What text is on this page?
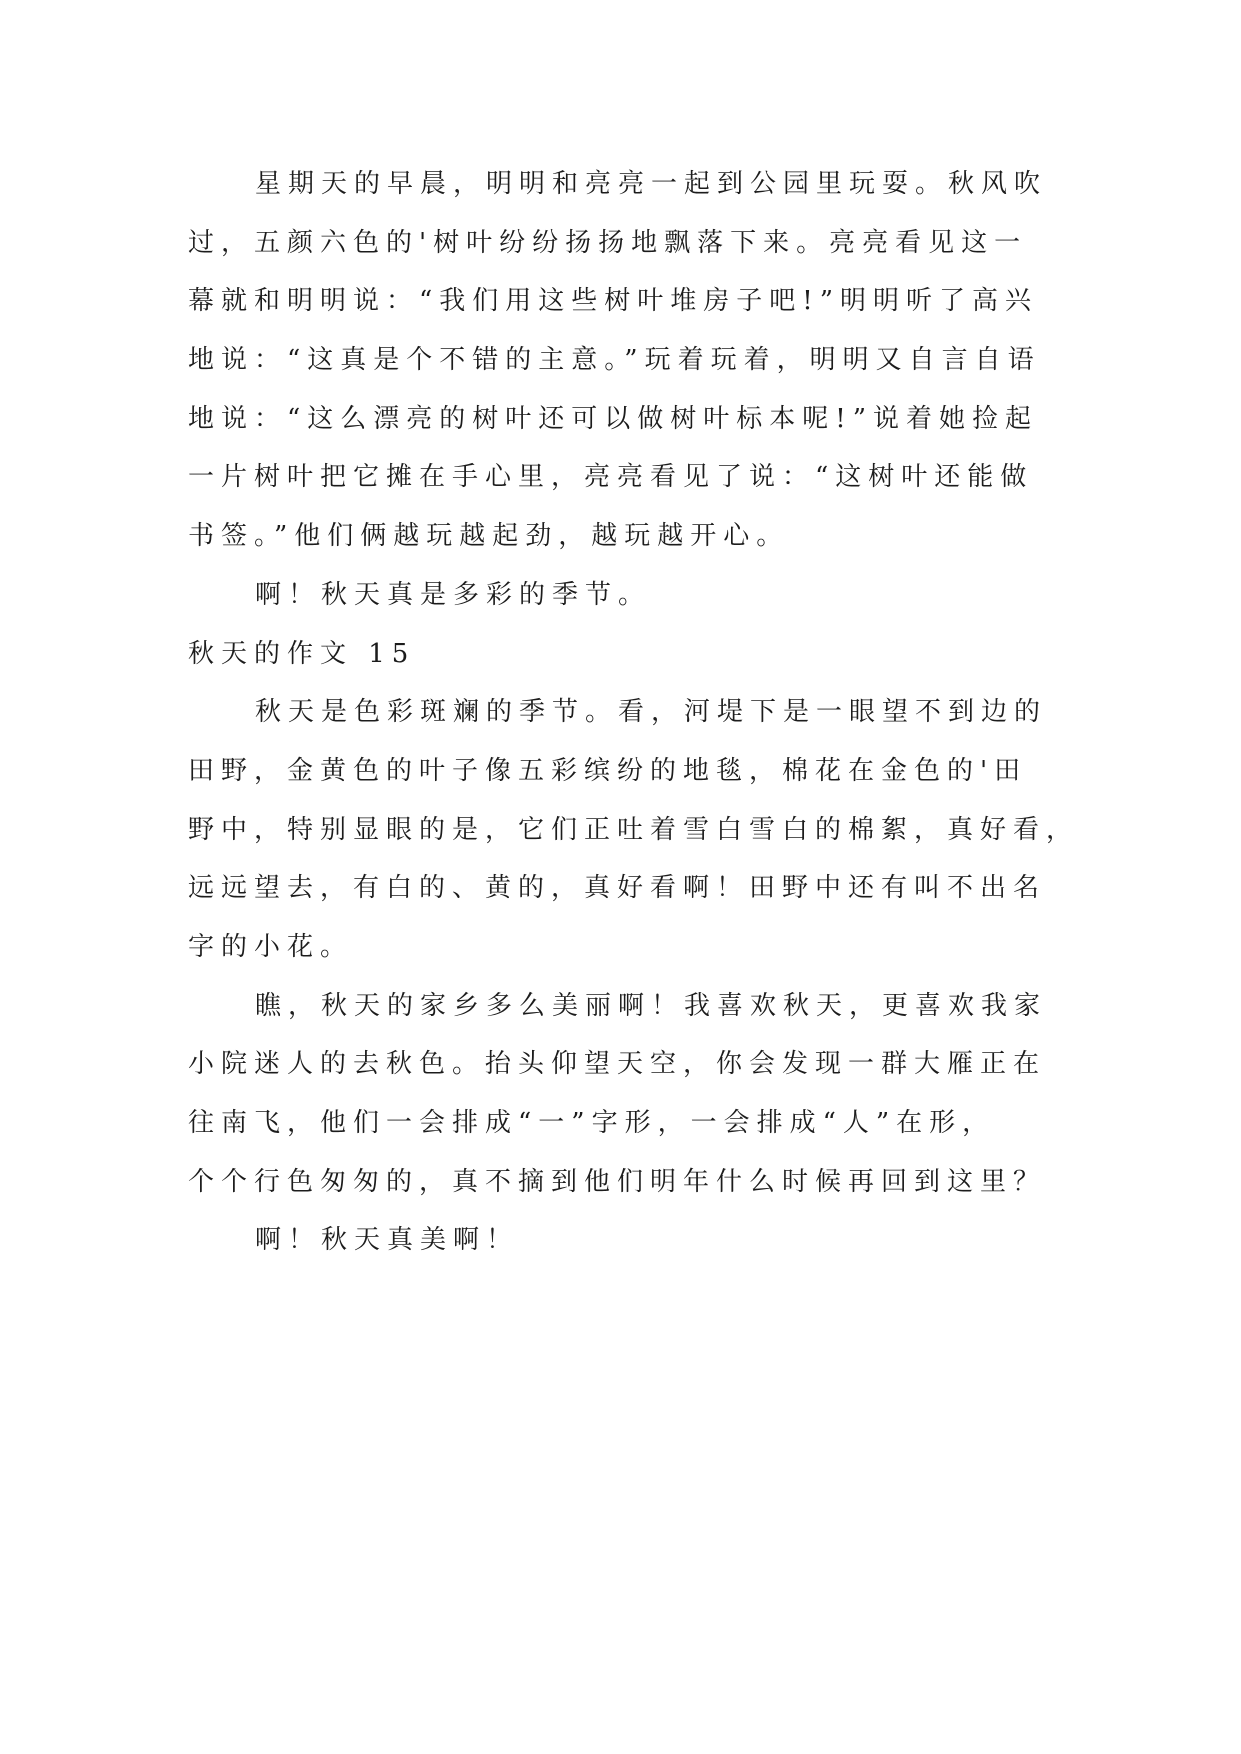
星期天的早晨，明明和亮亮一起到公园里玩耍。秋风吹
过，五颜六色的'树叶纷纷扬扬地飘落下来。亮亮看见这一
幕就和明明说：“我们用这些树叶堆房子吧!”明明听了高兴
地说：“这真是个不错的主意。”玩着玩着，明明又自言自语
地说：“这么漂亮的树叶还可以做树叶标本呢!”说着她捡起
一片树叶把它摊在手心里，亮亮看见了说：“这树叶还能做
书签。”他们俩越玩越起劲，越玩越开心。
啊！秋天真是多彩的季节。
秋天的作文 15
秋天是色彩斑斓的季节。看，河堤下是一眼望不到边的
田野，金黄色的叶子像五彩缤纷的地毯，棉花在金色的'田
野中，特别显眼的是，它们正吐着雪白雪白的棉絮，真好看，
远远望去，有白的、黄的，真好看啊！田野中还有叫不出名
字的小花。
瞧，秋天的家乡多么美丽啊！我喜欢秋天，更喜欢我家
小院迷人的去秋色。抬头仰望天空，你会发现一群大雁正在
往南飞，他们一会排成“一”字形，一会排成“人”在形，
个个行色匆匆的，真不摘到他们明年什么时候再回到这里？
啊！秋天真美啊！
